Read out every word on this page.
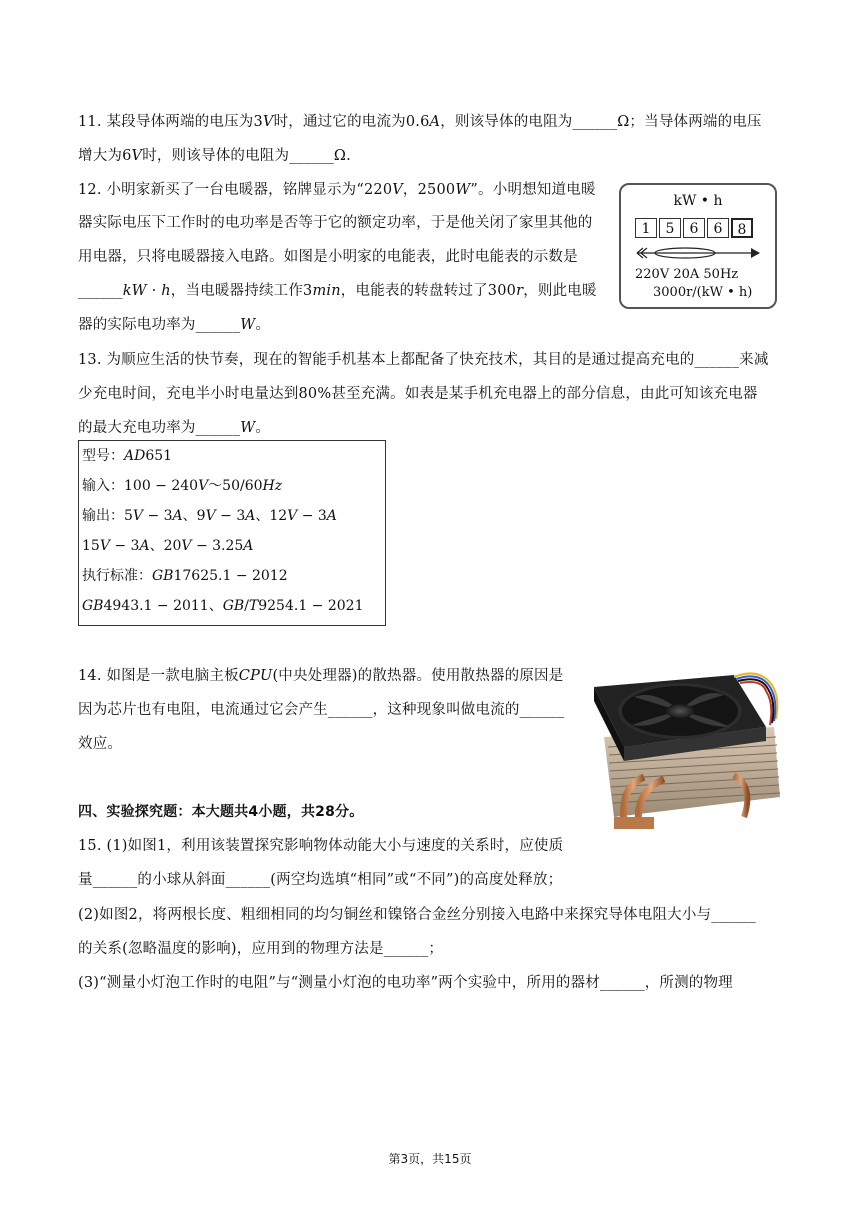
11. 某段导体两端的电压为3𝑉时，通过它的电流为0.6𝐴，则该导体的电阻为______Ω；当导体两端的电压
增大为6𝑉时，则该导体的电阻为______Ω.
12. 小明家新买了一台电暖器，铭牌显示为“220𝑉，2500𝑊”。小明想知道电暖
器实际电压下工作时的电功率是否等于它的额定功率，于是他关闭了家里其他的
用电器，只将电暖器接入电路。如图是小明家的电能表，此时电能表的示数是
______𝑘𝑊 · ℎ，当电暖器持续工作3𝑚𝑖𝑛，电能表的转盘转过了300𝑟，则此电暖
器的实际电功率为______𝑊。
kW • h
1	5	6	6	8
220V 20A 50Hz
3000r/(kW • h)
13. 为顺应生活的快节奏，现在的智能手机基本上都配备了快充技术，其目的是通过提高充电的______来减
少充电时间，充电半小时电量达到80%甚至充满。如表是某手机充电器上的部分信息，由此可知该充电器
的最大充电功率为______𝑊。
型号：𝐴𝐷651
输入：100 − 240𝑉～50/60𝐻𝑧
输出：5𝑉 − 3𝐴、9𝑉 − 3𝐴、12𝑉 − 3𝐴
15𝑉 − 3𝐴、20𝑉 − 3.25𝐴
执行标准：𝐺𝐵17625.1 − 2012
𝐺𝐵4943.1 − 2011、𝐺𝐵/𝑇9254.1 − 2021
14. 如图是一款电脑主板𝐶𝑃𝑈(中央处理器)的散热器。使用散热器的原因是
因为芯片也有电阻，电流通过它会产生______，这种现象叫做电流的______
效应。
四、实验探究题：本大题共4小题，共28分。
15. (1)如图1，利用该装置探究影响物体动能大小与速度的关系时，应使质
量______的小球从斜面______(两空均选填“相同”或“不同”)的高度处释放；
(2)如图2，将两根长度、粗细相同的均匀铜丝和镍铬合金丝分别接入电路中来探究导体电阻大小与______
的关系(忽略温度的影响)，应用到的物理方法是______；
(3)“测量小灯泡工作时的电阻”与“测量小灯泡的电功率”两个实验中，所用的器材______，所测的物理
第3页，共15页
